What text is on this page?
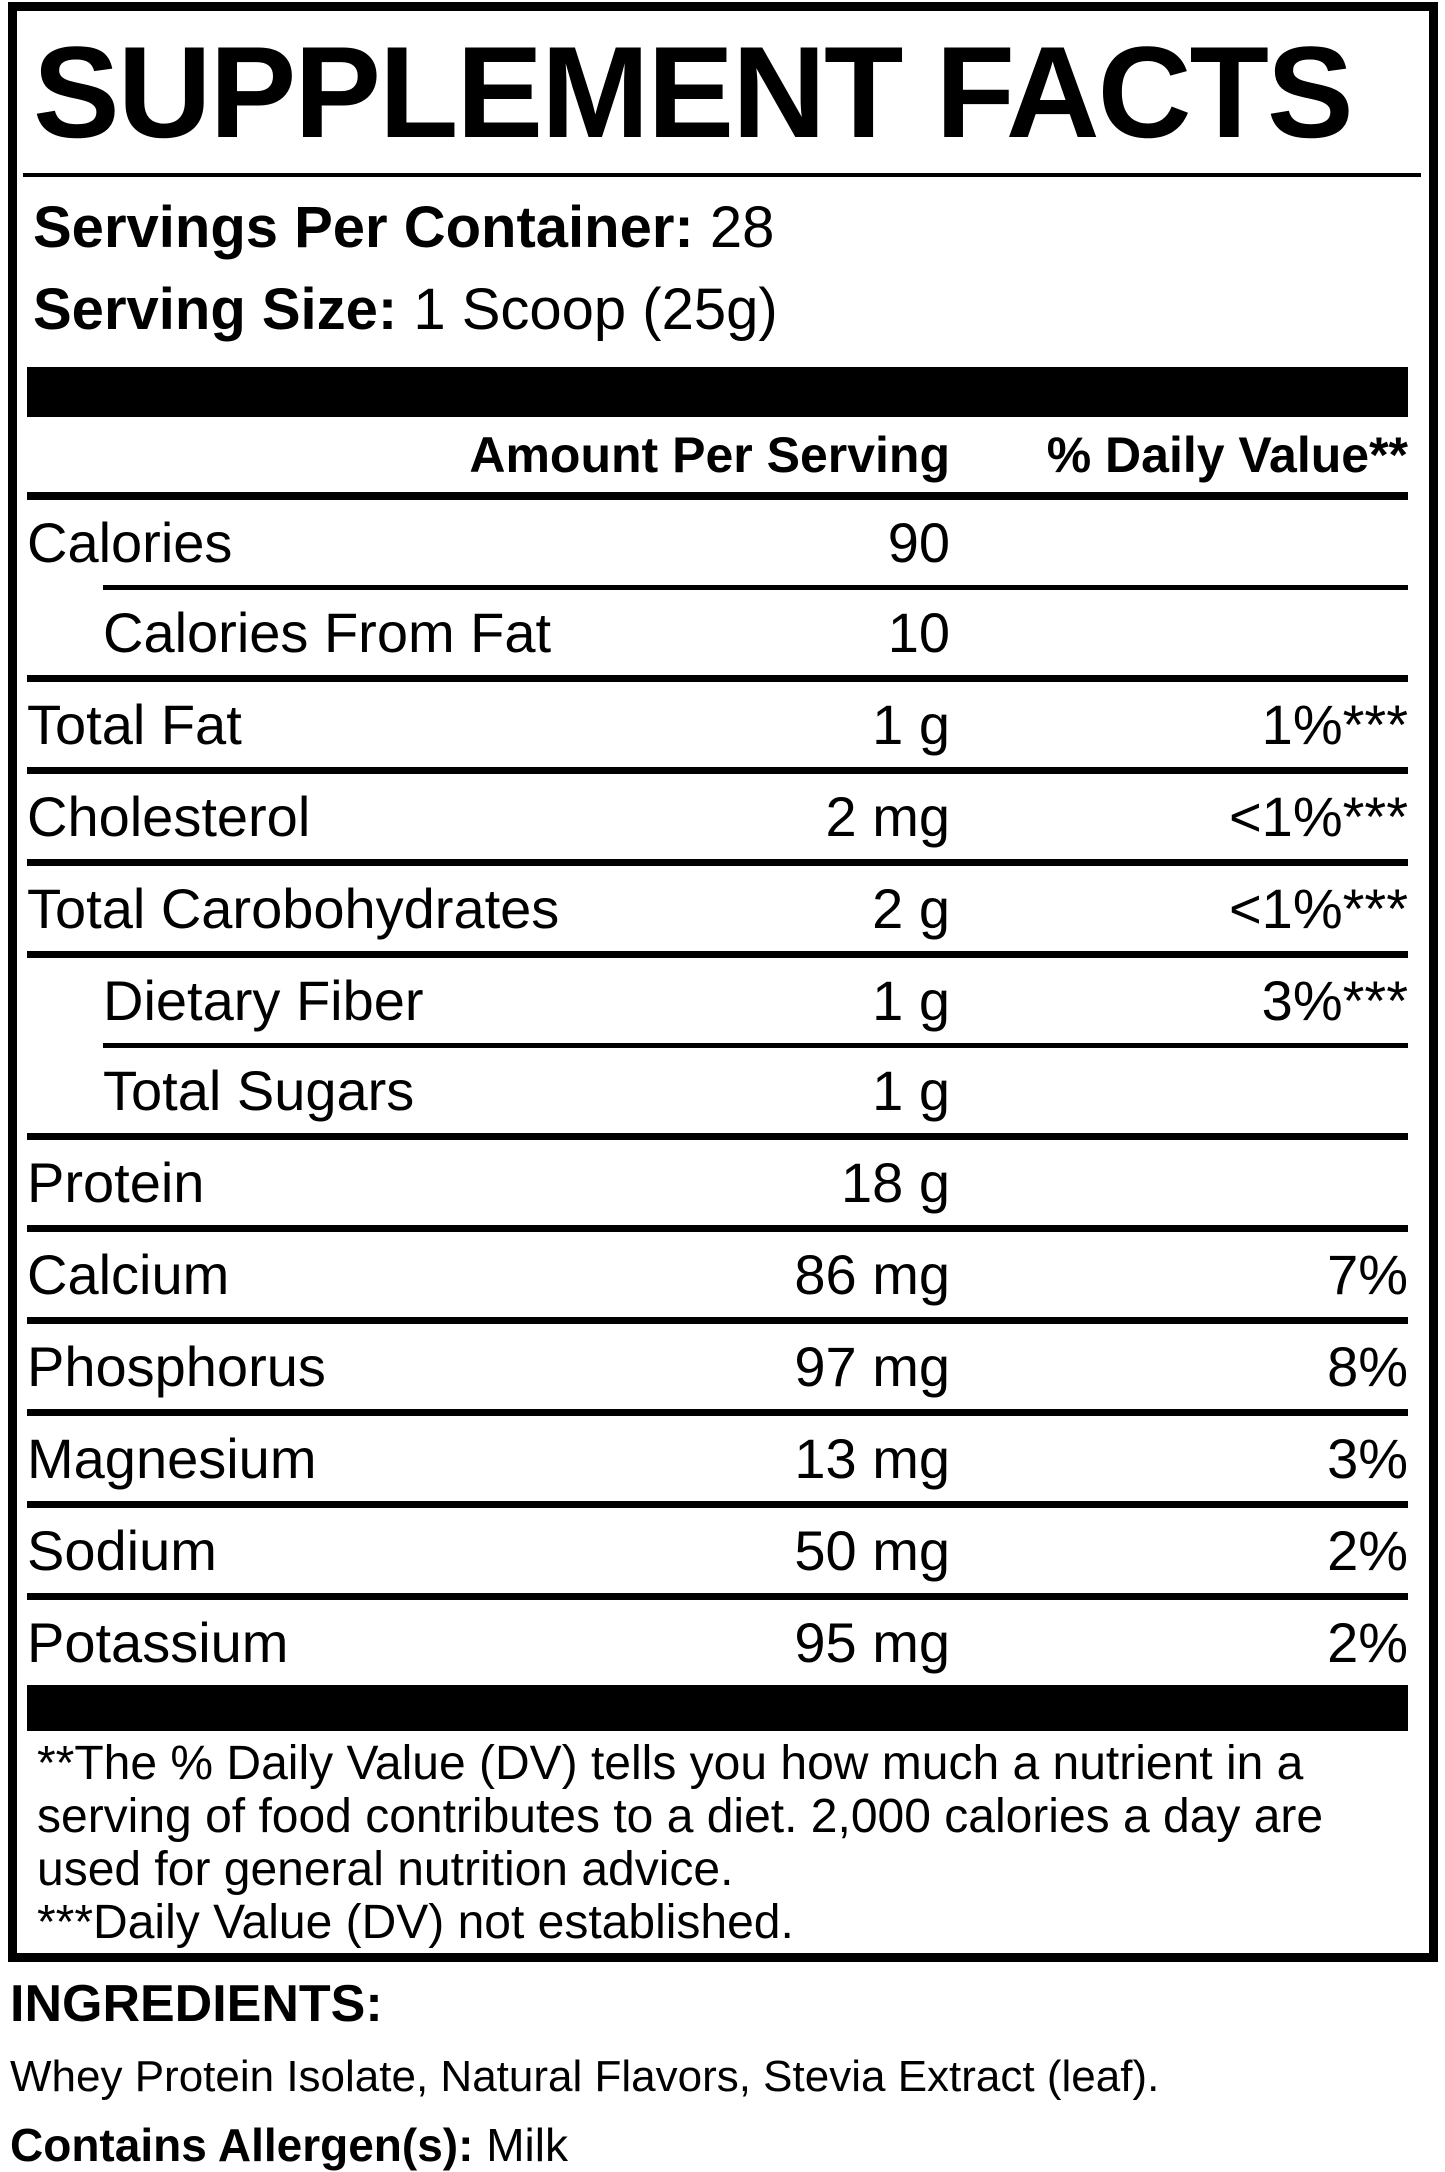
SUPPLEMENT FACTS
Servings Per Container: 28
Serving Size: 1 Scoop (25g)
Amount Per Serving % Daily Value**
Calories	90
Calories From Fat	10
Total Fat	1 g	1%***
Cholesterol	2 mg	<1%***
Total Carobohydrates	2 g	<1%***
Dietary Fiber	1 g	3%***
Total Sugars	1 g
Protein	18 g
Calcium	86 mg	7%
Phosphorus	97 mg	8%
Magnesium	13 mg	3%
Sodium	50 mg	2%
Potassium	95 mg	2%
**The % Daily Value (DV) tells you how much a nutrient in a
serving of food contributes to a diet. 2,000 calories a day are
used for general nutrition advice.
***Daily Value (DV) not established.
INGREDIENTS:
Whey Protein Isolate, Natural Flavors, Stevia Extract (leaf).
Contains Allergen(s): Milk
